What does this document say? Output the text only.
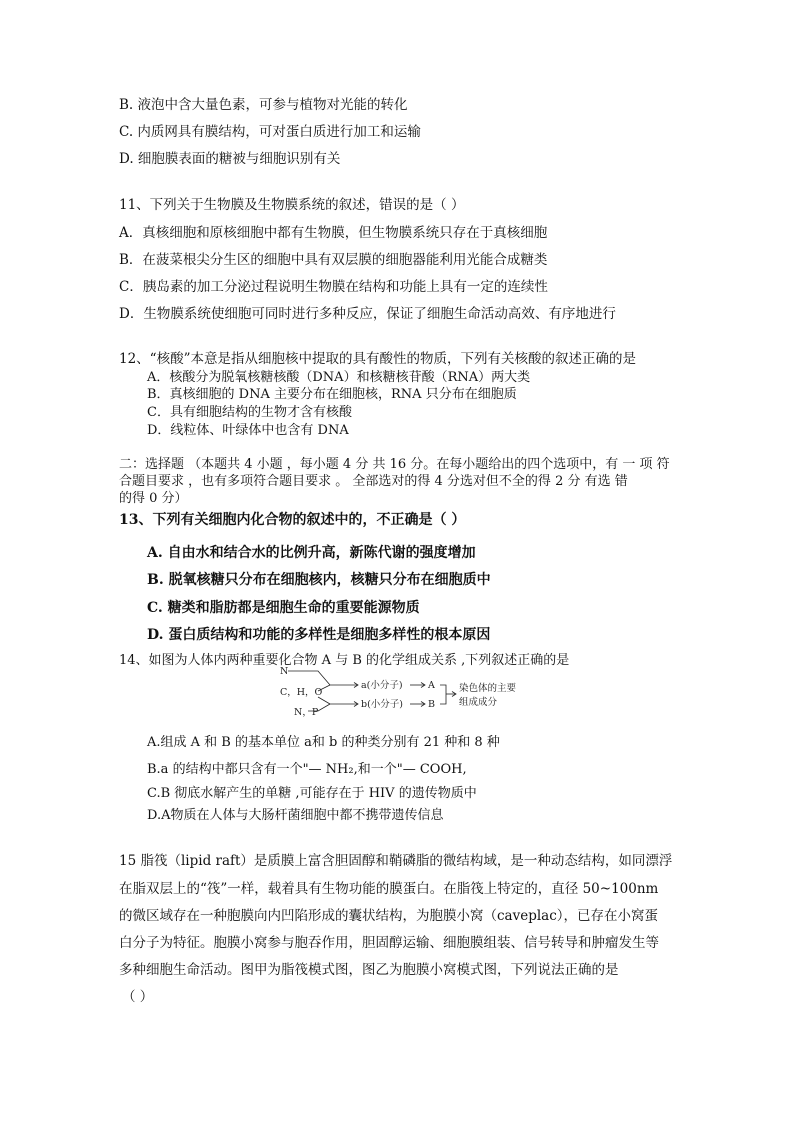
B. 液泡中含大量色素，可参与植物对光能的转化
C. 内质网具有膜结构，可对蛋白质进行加工和运输
D. 细胞膜表面的糖被与细胞识别有关
11、下列关于生物膜及生物膜系统的叙述，错误的是（ ）
A．真核细胞和原核细胞中都有生物膜，但生物膜系统只存在于真核细胞
B．在菠菜根尖分生区的细胞中具有双层膜的细胞器能利用光能合成糖类
C．胰岛素的加工分泌过程说明生物膜在结构和功能上具有一定的连续性
D．生物膜系统使细胞可同时进行多种反应，保证了细胞生命活动高效、有序地进行
12、“核酸”本意是指从细胞核中提取的具有酸性的物质，下列有关核酸的叙述正确的是
A．核酸分为脱氧核糖核酸（DNA）和核糖核苷酸（RNA）两大类
B．真核细胞的 DNA 主要分布在细胞核，RNA 只分布在细胞质
C．具有细胞结构的生物才含有核酸
D．线粒体、叶绿体中也含有 DNA
二：选择题 （本题共 4 小题 ，每小题 4 分 共 16 分。在每小题给出的四个选项中，有 一 项 符
合题目要求 ，也有多项符合题目要求 。 全部选对的得 4 分选对但不全的得 2 分 有选 错
的得 0 分）
13、下列有关细胞内化合物的叙述中的，不正确是（ ）
A. 自由水和结合水的比例升高，新陈代谢的强度增加
B. 脱氧核糖只分布在细胞核内，核糖只分布在细胞质中
C. 糖类和脂肪都是细胞生命的重要能源物质
D. 蛋白质结构和功能的多样性是细胞多样性的根本原因
14、如图为人体内两种重要化合物 A 与 B 的化学组成关系 ,下列叙述正确的是
N
C，H，O
N，P
a(小分子)
b(小分子)
A
B
染色体的主要
组成成分
A.组成 A 和 B 的基本单位 a和 b 的种类分别有 21 种和 8 种
B.a 的结构中都只含有一个"— NH₂,和一个"— COOH,
C.B 彻底水解产生的单糖 ,可能存在于 HIV 的遗传物质中
D.A物质在人体与大肠杆菌细胞中都不携带遗传信息
15 脂筏（lipid raft）是质膜上富含胆固醇和鞘磷脂的微结构域，是一种动态结构，如同漂浮
在脂双层上的“筏”一样，载着具有生物功能的膜蛋白。在脂筏上特定的，直径 50~100nm
的微区域存在一种胞膜向内凹陷形成的囊状结构，为胞膜小窝（caveplac），已存在小窝蛋
白分子为特征。胞膜小窝参与胞吞作用，胆固醇运输、细胞膜组装、信号转导和肿瘤发生等
多种细胞生命活动。图甲为脂筏模式图，图乙为胞膜小窝模式图，下列说法正确的是
（ ）
